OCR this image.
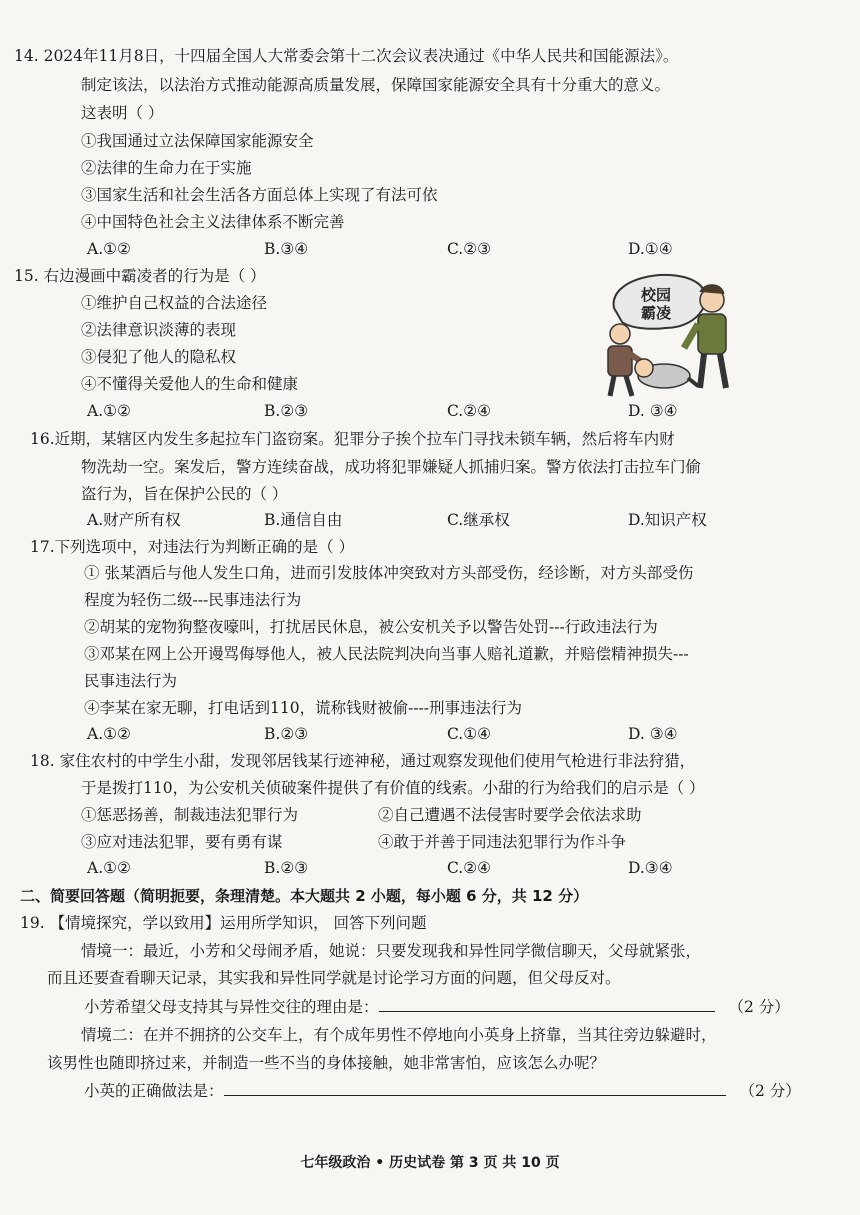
14. 2024年11月8日，十四届全国人大常委会第十二次会议表决通过《中华人民共和国能源法》。
制定该法，以法治方式推动能源高质量发展，保障国家能源安全具有十分重大的意义。
这表明（ ）
①我国通过立法保障国家能源安全
②法律的生命力在于实施
③国家生活和社会生活各方面总体上实现了有法可依
④中国特色社会主义法律体系不断完善
A.①②	B.③④	C.②③	D.①④
15. 右边漫画中霸凌者的行为是（ ）
①维护自己权益的合法途径
②法律意识淡薄的表现
③侵犯了他人的隐私权
④不懂得关爱他人的生命和健康
A.①②	B.②③	C.②④	D. ③④
校园霸凌
16.近期，某辖区内发生多起拉车门盗窃案。犯罪分子挨个拉车门寻找未锁车辆，然后将车内财
物洗劫一空。案发后，警方连续奋战，成功将犯罪嫌疑人抓捕归案。警方依法打击拉车门偷
盗行为，旨在保护公民的（ ）
A.财产所有权	B.通信自由	C.继承权	D.知识产权
17.下列选项中，对违法行为判断正确的是（ ）
① 张某酒后与他人发生口角，进而引发肢体冲突致对方头部受伤，经诊断，对方头部受伤
程度为轻伤二级---民事违法行为
②胡某的宠物狗整夜嚎叫，打扰居民休息，被公安机关予以警告处罚---行政违法行为
③邓某在网上公开谩骂侮辱他人，被人民法院判决向当事人赔礼道歉，并赔偿精神损失---
民事违法行为
④李某在家无聊，打电话到110，谎称钱财被偷----刑事违法行为
A.①②	B.②③	C.①④	D. ③④
18. 家住农村的中学生小甜，发现邻居钱某行迹神秘，通过观察发现他们使用气枪进行非法狩猎，
于是拨打110，为公安机关侦破案件提供了有价值的线索。小甜的行为给我们的启示是（ ）
①惩恶扬善，制裁违法犯罪行为	②自己遭遇不法侵害时要学会依法求助
③应对违法犯罪，要有勇有谋	④敢于并善于同违法犯罪行为作斗争
A.①②	B.②③	C.②④	D.③④
二、简要回答题（简明扼要，条理清楚。本大题共 2 小题，每小题 6 分，共 12 分）
19. 【情境探究，学以致用】运用所学知识， 回答下列问题
情境一：最近，小芳和父母闹矛盾，她说：只要发现我和异性同学微信聊天，父母就紧张，
而且还要查看聊天记录，其实我和异性同学就是讨论学习方面的问题，但父母反对。
小芳希望父母支持其与异性交往的理由是：	（2 分）
情境二：在并不拥挤的公交车上，有个成年男性不停地向小英身上挤靠，当其往旁边躲避时，
该男性也随即挤过来，并制造一些不当的身体接触，她非常害怕，应该怎么办呢？
小英的正确做法是：	（2 分）
七年级政治 • 历史试卷 第 3 页 共 10 页
